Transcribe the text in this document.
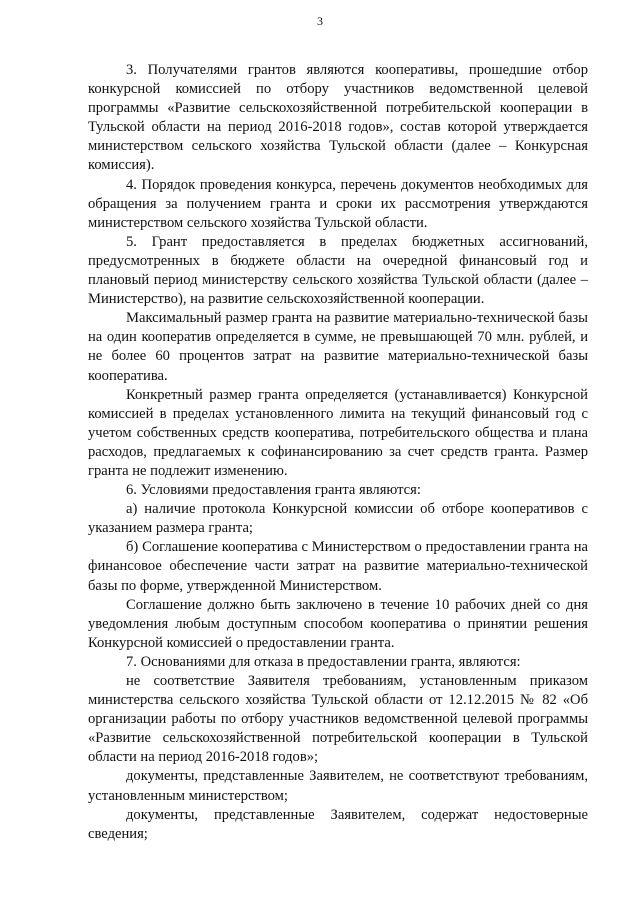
3

3. Получателями грантов являются кооперативы, прошедшие отбор конкурсной комиссией по отбору участников ведомственной целевой программы «Развитие сельскохозяйственной потребительской кооперации в Тульской области на период 2016-2018 годов», состав которой утверждается министерством сельского хозяйства Тульской области (далее – Конкурсная комиссия).

4. Порядок проведения конкурса, перечень документов необходимых для обращения за получением гранта и сроки их рассмотрения утверждаются министерством сельского хозяйства Тульской области.

5. Грант предоставляется в пределах бюджетных ассигнований, предусмотренных в бюджете области на очередной финансовый год и плановый период министерству сельского хозяйства Тульской области (далее – Министерство), на развитие сельскохозяйственной кооперации.

Максимальный размер гранта на развитие материально-технической базы на один кооператив определяется в сумме, не превышающей 70 млн. рублей, и не более 60 процентов затрат на развитие материально-технической базы кооператива.

Конкретный размер гранта определяется (устанавливается) Конкурсной комиссией в пределах установленного лимита на текущий финансовый год с учетом собственных средств кооператива, потребительского общества и плана расходов, предлагаемых к софинансированию за счет средств гранта. Размер гранта не подлежит изменению.

6. Условиями предоставления гранта являются:

а) наличие протокола Конкурсной комиссии об отборе кооперативов с указанием размера гранта;

б) Соглашение кооператива с Министерством о предоставлении гранта на финансовое обеспечение части затрат на развитие материально-технической базы по форме, утвержденной Министерством.

Соглашение должно быть заключено в течение 10 рабочих дней со дня уведомления любым доступным способом кооператива о принятии решения Конкурсной комиссией о предоставлении гранта.

7. Основаниями для отказа в предоставлении гранта, являются:

не соответствие Заявителя требованиям, установленным приказом министерства сельского хозяйства Тульской области от 12.12.2015 № 82 «Об организации работы по отбору участников ведомственной целевой программы «Развитие сельскохозяйственной потребительской кооперации в Тульской области на период 2016-2018 годов»;

документы, представленные Заявителем, не соответствуют требованиям, установленным министерством;

документы, представленные Заявителем, содержат недостоверные сведения;
